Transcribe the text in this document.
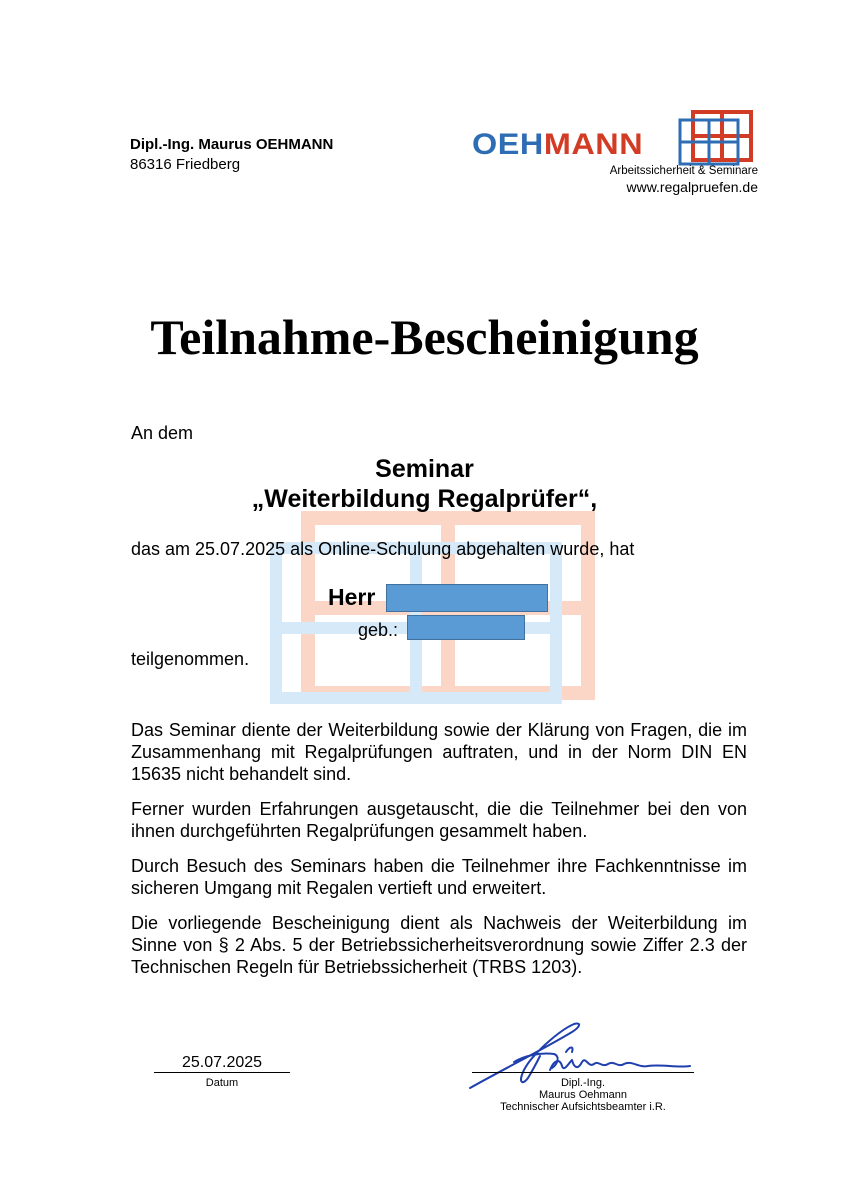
Dipl.-Ing. Maurus OEHMANN
86316 Friedberg
OEHMANN
Arbeitssicherheit & Seminare
www.regalpruefen.de
Teilnahme-Bescheinigung
An dem
Seminar
„Weiterbildung Regalprüfer“,
das am 25.07.2025 als Online-Schulung abgehalten wurde, hat
Herr
geb.:
teilgenommen.
Das Seminar diente der Weiterbildung sowie der Klärung von Fragen, die im Zusammenhang mit Regalprüfungen auftraten, und in der Norm DIN EN 15635 nicht behandelt sind.
Ferner wurden Erfahrungen ausgetauscht, die die Teilnehmer bei den von ihnen durchgeführten Regalprüfungen gesammelt haben.
Durch Besuch des Seminars haben die Teilnehmer ihre Fachkenntnisse im sicheren Umgang mit Regalen vertieft und erweitert.
Die vorliegende Bescheinigung dient als Nachweis der Weiterbildung im Sinne von § 2 Abs. 5 der Betriebssicherheitsverordnung sowie Ziffer 2.3 der Technischen Regeln für Betriebssicherheit (TRBS 1203).
25.07.2025
Datum	Dipl.-Ing.
Maurus Oehmann
Technischer Aufsichtsbeamter i.R.
